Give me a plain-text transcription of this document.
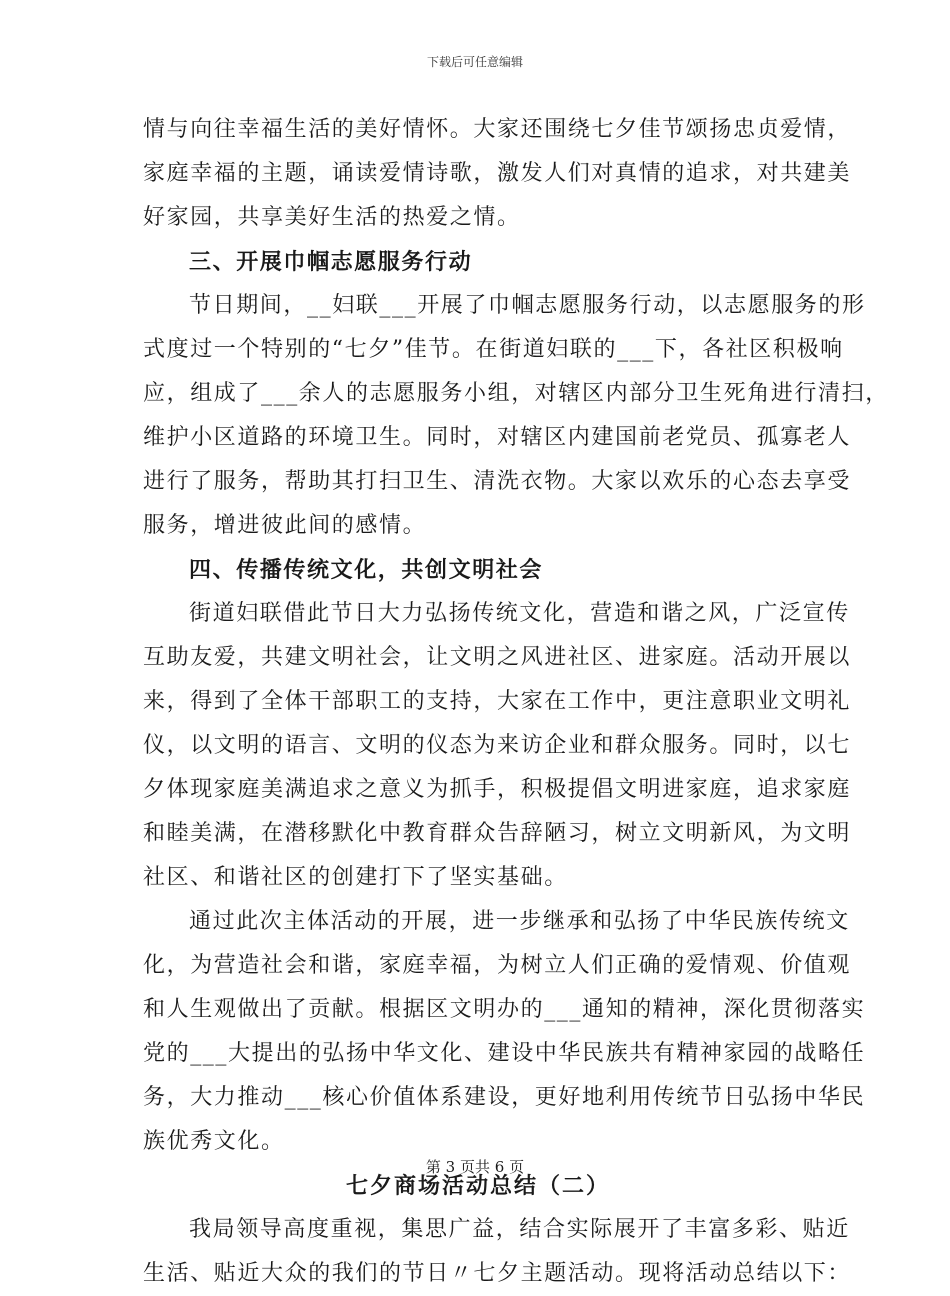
下载后可任意编辑
情与向往幸福生活的美好情怀。大家还围绕七夕佳节颂扬忠贞爱情，
家庭幸福的主题，诵读爱情诗歌，激发人们对真情的追求，对共建美
好家园，共享美好生活的热爱之情。
三、开展巾帼志愿服务行动
节日期间，__妇联___开展了巾帼志愿服务行动，以志愿服务的形
式度过一个特别的“七夕”佳节。在街道妇联的___下，各社区积极响
应，组成了___余人的志愿服务小组，对辖区内部分卫生死角进行清扫，
维护小区道路的环境卫生。同时，对辖区内建国前老党员、孤寡老人
进行了服务，帮助其打扫卫生、清洗衣物。大家以欢乐的心态去享受
服务，增进彼此间的感情。
四、传播传统文化，共创文明社会
街道妇联借此节日大力弘扬传统文化，营造和谐之风，广泛宣传
互助友爱，共建文明社会，让文明之风进社区、进家庭。活动开展以
来，得到了全体干部职工的支持，大家在工作中，更注意职业文明礼
仪，以文明的语言、文明的仪态为来访企业和群众服务。同时，以七
夕体现家庭美满追求之意义为抓手，积极提倡文明进家庭，追求家庭
和睦美满，在潜移默化中教育群众告辞陋习，树立文明新风，为文明
社区、和谐社区的创建打下了坚实基础。
通过此次主体活动的开展，进一步继承和弘扬了中华民族传统文
化，为营造社会和谐，家庭幸福，为树立人们正确的爱情观、价值观
和人生观做出了贡献。根据区文明办的___通知的精神，深化贯彻落实
党的___大提出的弘扬中华文化、建设中华民族共有精神家园的战略任
务，大力推动___核心价值体系建设，更好地利用传统节日弘扬中华民
族优秀文化。
七夕商场活动总结（二）
我局领导高度重视，集思广益，结合实际展开了丰富多彩、贴近
生活、贴近大众的我们的节日〃七夕主题活动。现将活动总结以下：
第 3 页共 6 页
